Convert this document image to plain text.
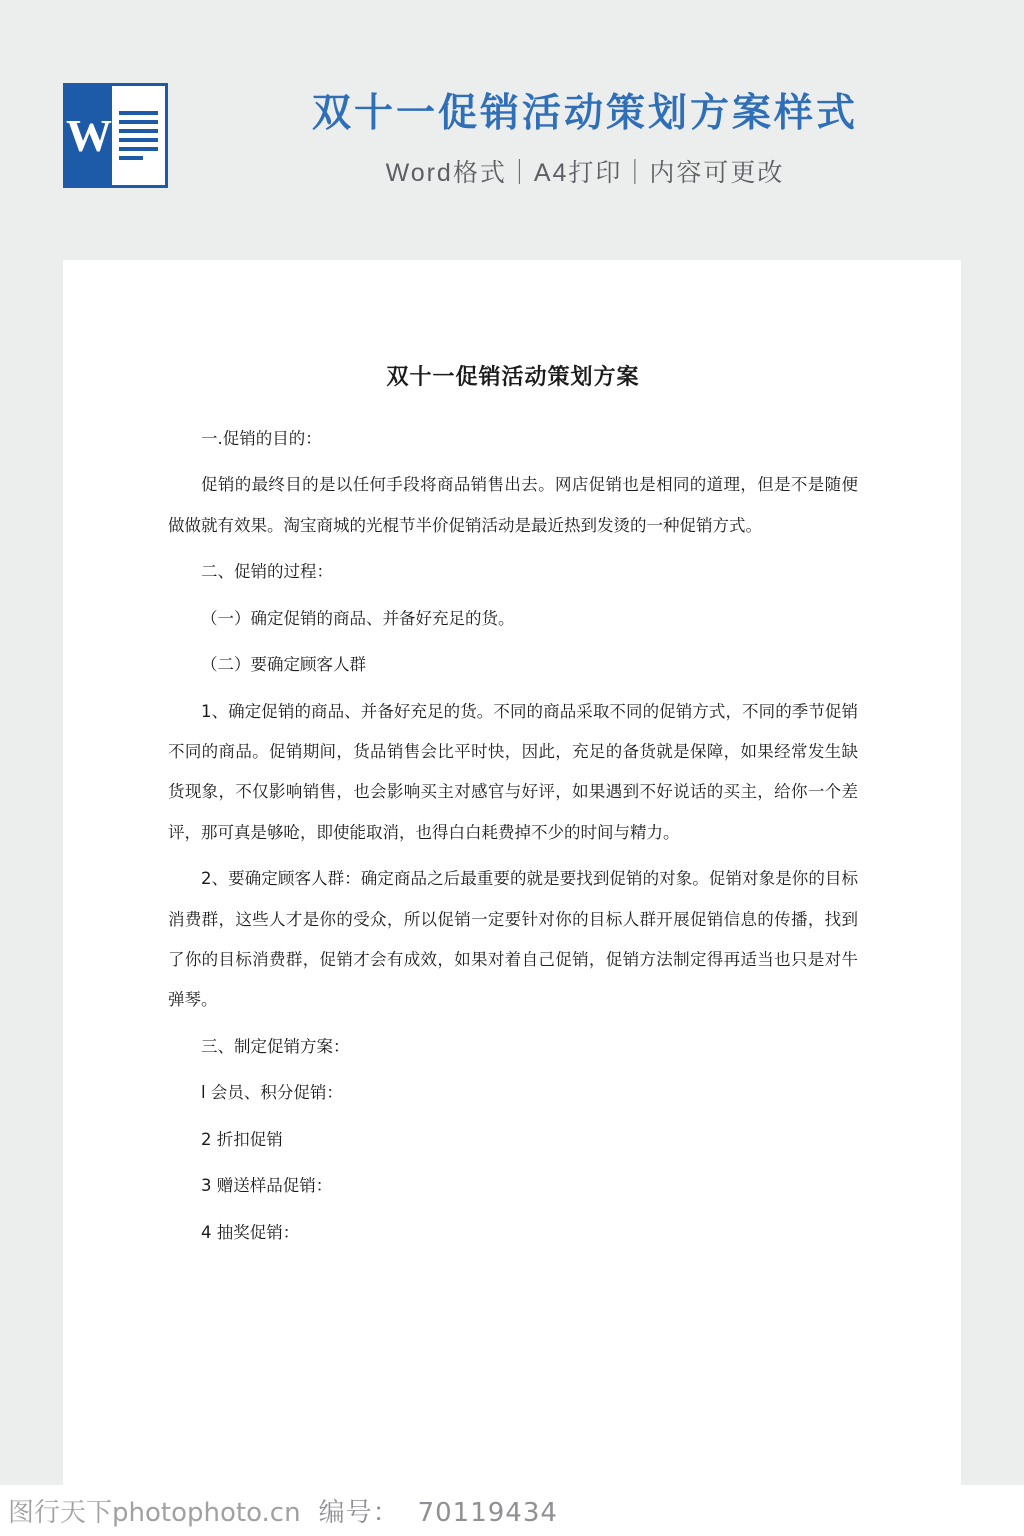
W	双十一促销活动策划方案样式
Word格式｜A4打印｜内容可更改
双十一促销活动策划方案

一.促销的目的：

促销的最终目的是以任何手段将商品销售出去。网店促销也是相同的道理，但是不是随便做做就有效果。淘宝商城的光棍节半价促销活动是最近热到发烫的一种促销方式。

二、促销的过程：

（一）确定促销的商品、并备好充足的货。

（二）要确定顾客人群

1、确定促销的商品、并备好充足的货。不同的商品采取不同的促销方式，不同的季节促销不同的商品。促销期间，货品销售会比平时快，因此，充足的备货就是保障，如果经常发生缺货现象，不仅影响销售，也会影响买主对感官与好评，如果遇到不好说话的买主，给你一个差评，那可真是够呛，即使能取消，也得白白耗费掉不少的时间与精力。

2、要确定顾客人群：确定商品之后最重要的就是要找到促销的对象。促销对象是你的目标消费群，这些人才是你的受众，所以促销一定要针对你的目标人群开展促销信息的传播，找到了你的目标消费群，促销才会有成效，如果对着自己促销，促销方法制定得再适当也只是对牛弹琴。

三、制定促销方案：

l 会员、积分促销：

2 折扣促销

3 赠送样品促销：

4 抽奖促销：

图行天下photophoto.cn 编号： 70119434
